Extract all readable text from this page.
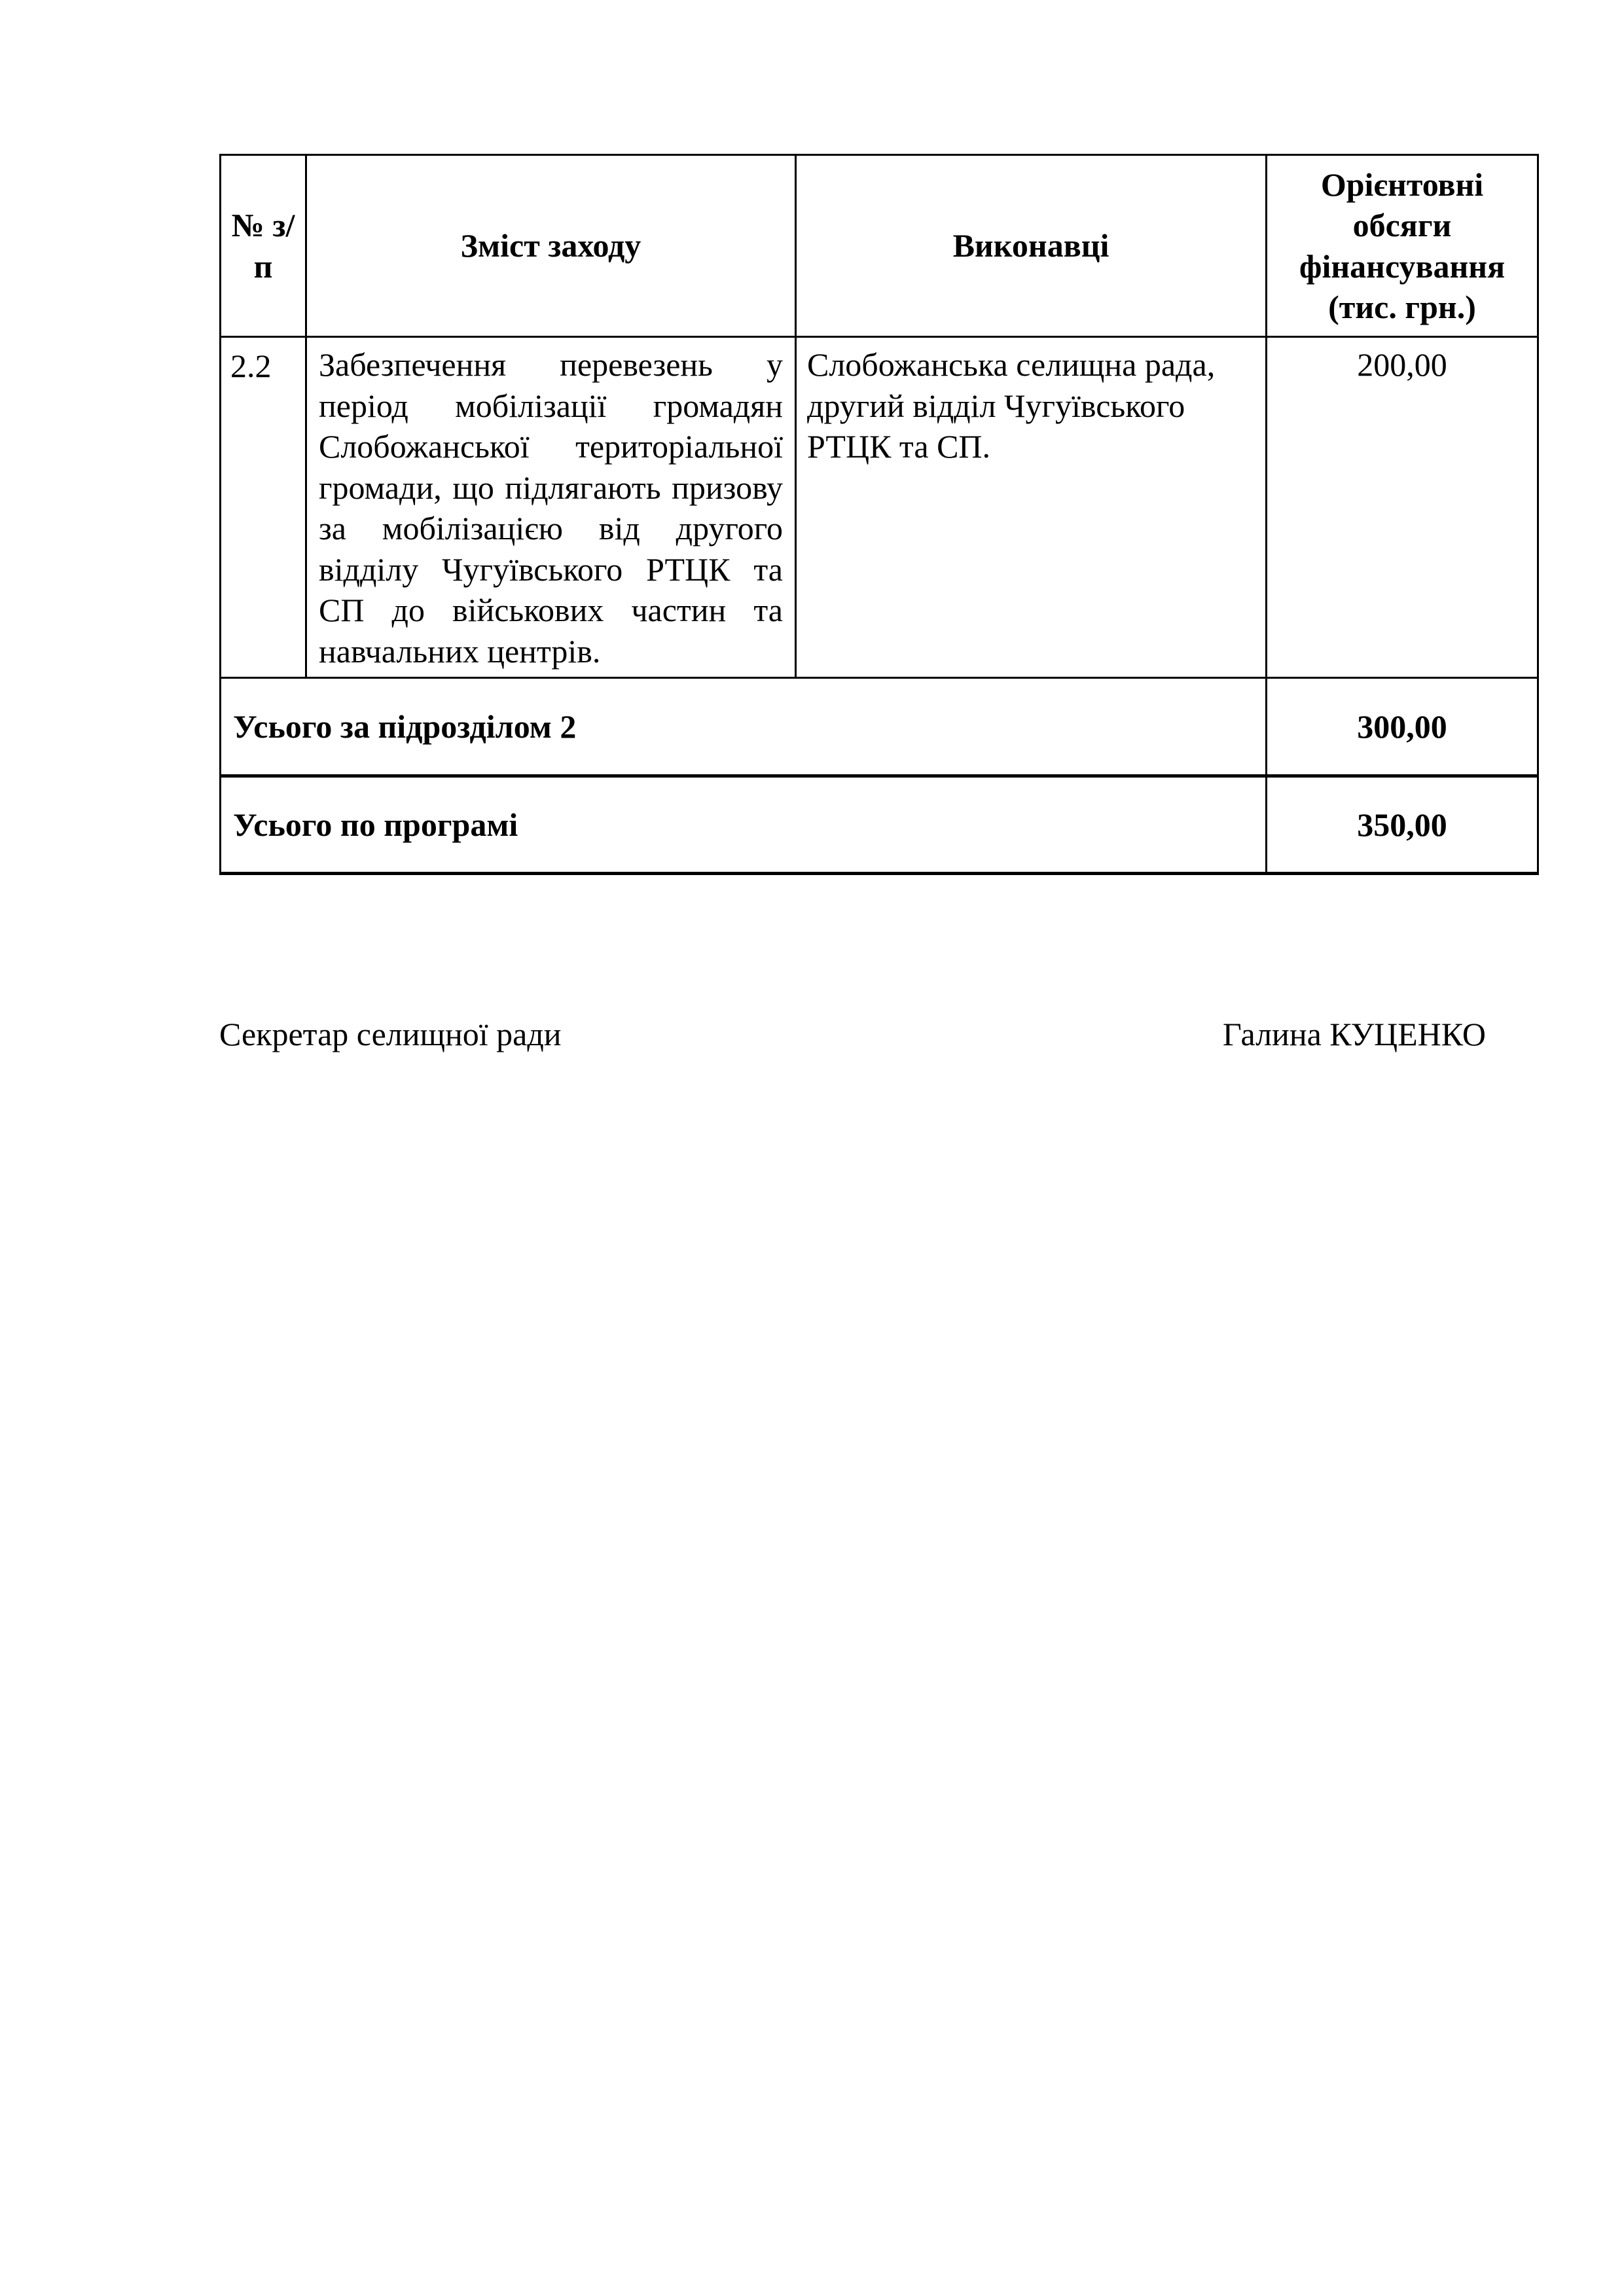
№ з/п	Зміст заходу	Виконавці	Орієнтовні обсяги фінансування (тис. грн.)
2.2	Забезпечення перевезень у період мобілізації громадян Слобожанської територіальної громади, що підлягають призову за мобілізацією від другого відділу Чугуївського РТЦК та СП до військових частин та навчальних центрів.	Слобожанська селищна рада, другий відділ Чугуївського РТЦК та СП.	200,00
Усього за підрозділом 2			300,00
Усього по програмі			350,00
Секретар селищної ради	Галина КУЦЕНКО
